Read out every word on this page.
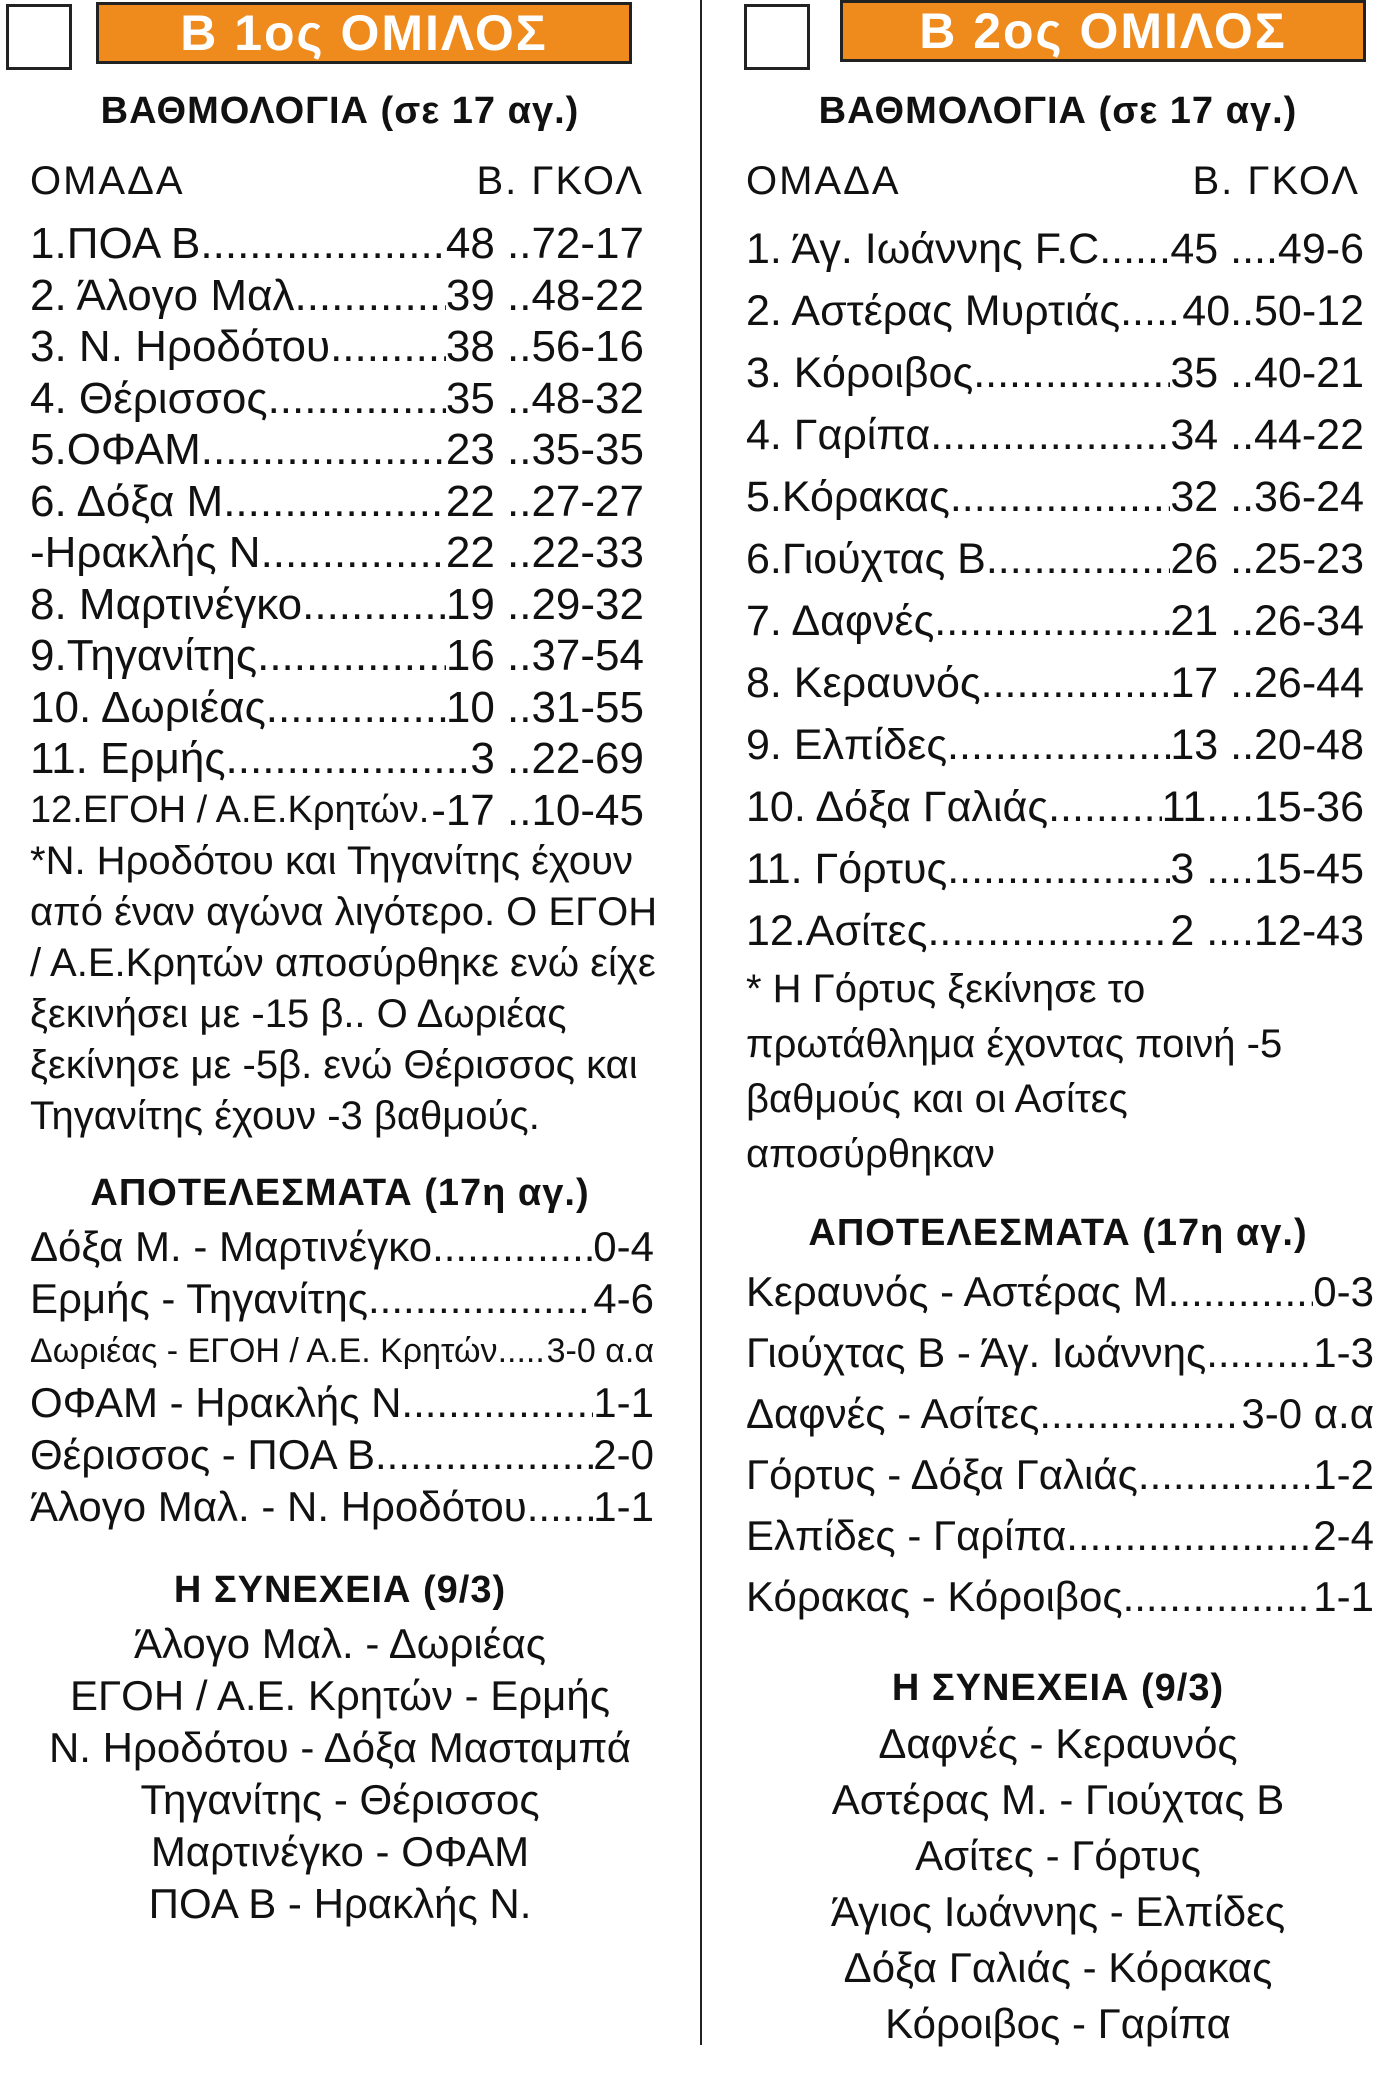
Β 1ος ΟΜΙΛΟΣ
ΒΑΘΜΟΛΟΓΙΑ (σε 17 αγ.)
ΟΜΑΔΑ	Β. ΓΚΟΛ
1.ΠΟΑ Β .....	48 ..72-17
2. Άλογο Μαλ. .....	39 ..48-22
3. Ν. Ηροδότου .....	38 ..56-16
4. Θέρισσος .....	35 ..48-32
5.ΟΦΑΜ .....	23 ..35-35
6. Δόξα Μ. .....	22 ..27-27
-Ηρακλής Ν. .....	22 ..22-33
8. Μαρτινέγκο .....	19 ..29-32
9.Τηγανίτης .....	16 ..37-54
10. Δωριέας .....	10 ..31-55
11. Ερμής .....	3 ..22-69
12.ΕΓΟΗ / Α.Ε.Κρητών. ..... -17 ..10-45
*Ν. Ηροδότου και Τηγανίτης έχουν από έναν αγώνα λιγότερο. Ο ΕΓΟΗ / Α.Ε.Κρητών αποσύρθηκε ενώ είχε ξεκινήσει με -15 β.. Ο Δωριέας ξεκίνησε με -5β. ενώ Θέρισσος και Τηγανίτης έχουν -3 βαθμούς.
ΑΠΟΤΕΛΕΣΜΑΤΑ (17η αγ.)
Δόξα Μ. - Μαρτινέγκο .....	0-4
Ερμής - Τηγανίτης .....	4-6
Δωριέας - ΕΓΟΗ / Α.Ε. Κρητών ..... 3-0 α.α
ΟΦΑΜ - Ηρακλής Ν. .....	1-1
Θέρισσος - ΠΟΑ Β. .....	2-0
Άλογο Μαλ. - Ν. Ηροδότου ..... 1-1
Η ΣΥΝΕΧΕΙΑ (9/3)
Άλογο Μαλ. - Δωριέας
ΕΓΟΗ / Α.Ε. Κρητών - Ερμής
Ν. Ηροδότου - Δόξα Μασταμπά
Τηγανίτης - Θέρισσος
Μαρτινέγκο - ΟΦΑΜ
ΠΟΑ Β - Ηρακλής Ν.
Β 2ος ΟΜΙΛΟΣ
ΒΑΘΜΟΛΟΓΙΑ (σε 17 αγ.)
ΟΜΑΔΑ	Β. ΓΚΟΛ
1. Άγ. Ιωάννης F.C ..... 45 ....49-6
2. Αστέρας Μυρτιάς ..... 40..50-12
3. Κόροιβος .....	35 ..40-21
4. Γαρίπα .....	34 ..44-22
5.Κόρακας .....	32 ..36-24
6.Γιούχτας Β .....	26 ..25-23
7. Δαφνές .....	21 ..26-34
8. Κεραυνός .....	17 ..26-44
9. Ελπίδες .....	13 ..20-48
10. Δόξα Γαλιάς .....	11....15-36
11. Γόρτυς .....	3 ....15-45
12.Ασίτες .....	2 ....12-43
* Η Γόρτυς ξεκίνησε το πρωτάθλημα έχοντας ποινή -5 βαθμούς και οι Ασίτες αποσύρθηκαν
ΑΠΟΤΕΛΕΣΜΑΤΑ (17η αγ.)
Κεραυνός - Αστέρας Μ. .....	0-3
Γιούχτας Β - Άγ. Ιωάννης .....	1-3
Δαφνές - Ασίτες .....	3-0 α.α
Γόρτυς - Δόξα Γαλιάς .....	1-2
Ελπίδες - Γαρίπα .....	2-4
Κόρακας - Κόροιβος .....	1-1
Η ΣΥΝΕΧΕΙΑ (9/3)
Δαφνές - Κεραυνός
Αστέρας Μ. - Γιούχτας Β
Ασίτες - Γόρτυς
Άγιος Ιωάννης - Ελπίδες
Δόξα Γαλιάς - Κόρακας
Κόροιβος - Γαρίπα
